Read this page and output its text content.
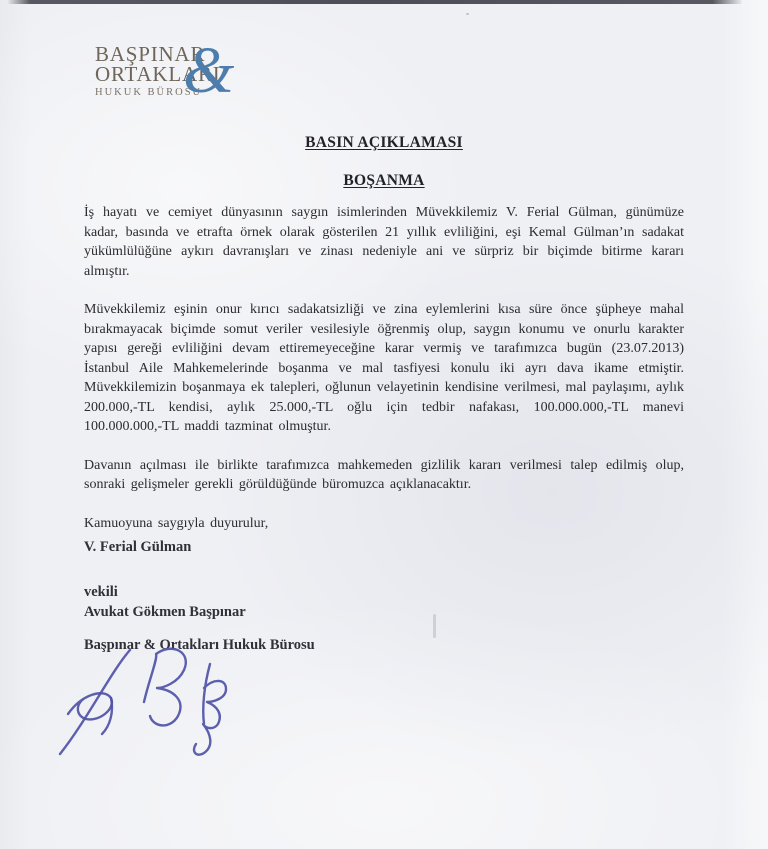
BAŞPINAR
ORTAKLARI
HUKUK BÜROSU
&
BASIN AÇIKLAMASI
BOŞANMA

İş hayatı ve cemiyet dünyasının saygın isimlerinden Müvekkilemiz V. Ferial Gülman, günümüze kadar, basında ve etrafta örnek olarak gösterilen 21 yıllık evliliğini, eşi Kemal Gülman’ın sadakat yükümlülüğüne aykırı davranışları ve zinası nedeniyle ani ve sürpriz bir biçimde bitirme kararı almıştır.

Müvekkilemiz eşinin onur kırıcı sadakatsizliği ve zina eylemlerini kısa süre önce şüpheye mahal bırakmayacak biçimde somut veriler vesilesiyle öğrenmiş olup, saygın konumu ve onurlu karakter yapısı gereği evliliğini devam ettiremeyeceğine karar vermiş ve tarafımızca bugün (23.07.2013) İstanbul Aile Mahkemelerinde boşanma ve mal tasfiyesi konulu iki ayrı dava ikame etmiştir. Müvekkilemizin boşanmaya ek talepleri, oğlunun velayetinin kendisine verilmesi, mal paylaşımı, aylık 200.000,-TL kendisi, aylık 25.000,-TL oğlu için tedbir nafakası, 100.000.000,-TL manevi 100.000.000,-TL maddi tazminat olmuştur.

Davanın açılması ile birlikte tarafımızca mahkemeden gizlilik kararı verilmesi talep edilmiş olup, sonraki gelişmeler gerekli görüldüğünde büromuzca açıklanacaktır.

Kamuoyuna saygıyla duyurulur,

V. Ferial Gülman
vekili
Avukat Gökmen Başpınar
Başpınar & Ortakları Hukuk Bürosu
